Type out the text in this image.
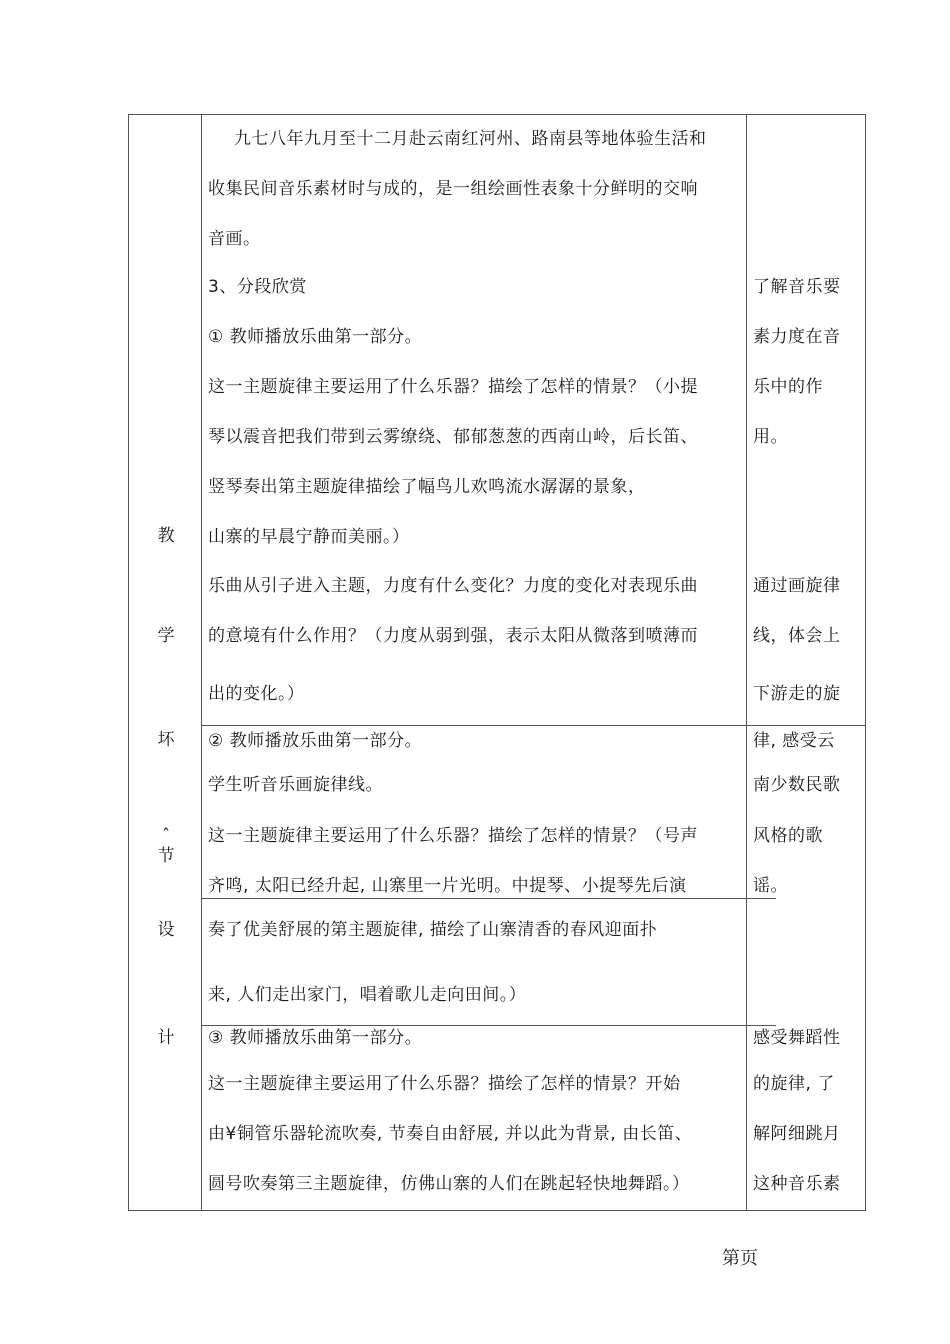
教
学
坏
ˆ节
设
计
九七八年九月至十二月赴云南红河州、路南县等地体验生活和
收集民间音乐素材时与成的，是一组绘画性表象十分鲜明的交响
音画。
3、分段欣赏
① 教师播放乐曲第一部分。
这一主题旋律主要运用了什么乐器？描绘了怎样的情景？（小提
琴以震音把我们带到云雾缭绕、郁郁葱葱的西南山岭，后长笛、
竖琴奏出第主题旋律描绘了幅鸟儿欢鸣流水潺潺的景象，
山寨的早晨宁静而美丽。）
乐曲从引子进入主题，力度有什么变化？力度的变化对表现乐曲
的意境有什么作用？（力度从弱到强，表示太阳从微落到喷薄而
出的变化。）
② 教师播放乐曲第一部分。
学生听音乐画旋律线。
这一主题旋律主要运用了什么乐器？描绘了怎样的情景？（号声
齐鸣, 太阳已经升起, 山寨里一片光明。中提琴、小提琴先后演
奏了优美舒展的第主题旋律, 描绘了山寨清香的春风迎面扑
来, 人们走出家门，唱着歌儿走向田间。）
③ 教师播放乐曲第一部分。
这一主题旋律主要运用了什么乐器？描绘了怎样的情景？开始
由¥铜管乐器轮流吹奏, 节奏自由舒展, 并以此为背景, 由长笛、
圆号吹奏第三主题旋律，仿佛山寨的人们在跳起轻快地舞蹈。）
了解音乐要
素力度在音
乐中的作
用。
通过画旋律
线，体会上
下游走的旋
律, 感受云
南少数民歌
风格的歌
谣。
感受舞蹈性
的旋律, 了
解阿细跳月
这种音乐素
第页
